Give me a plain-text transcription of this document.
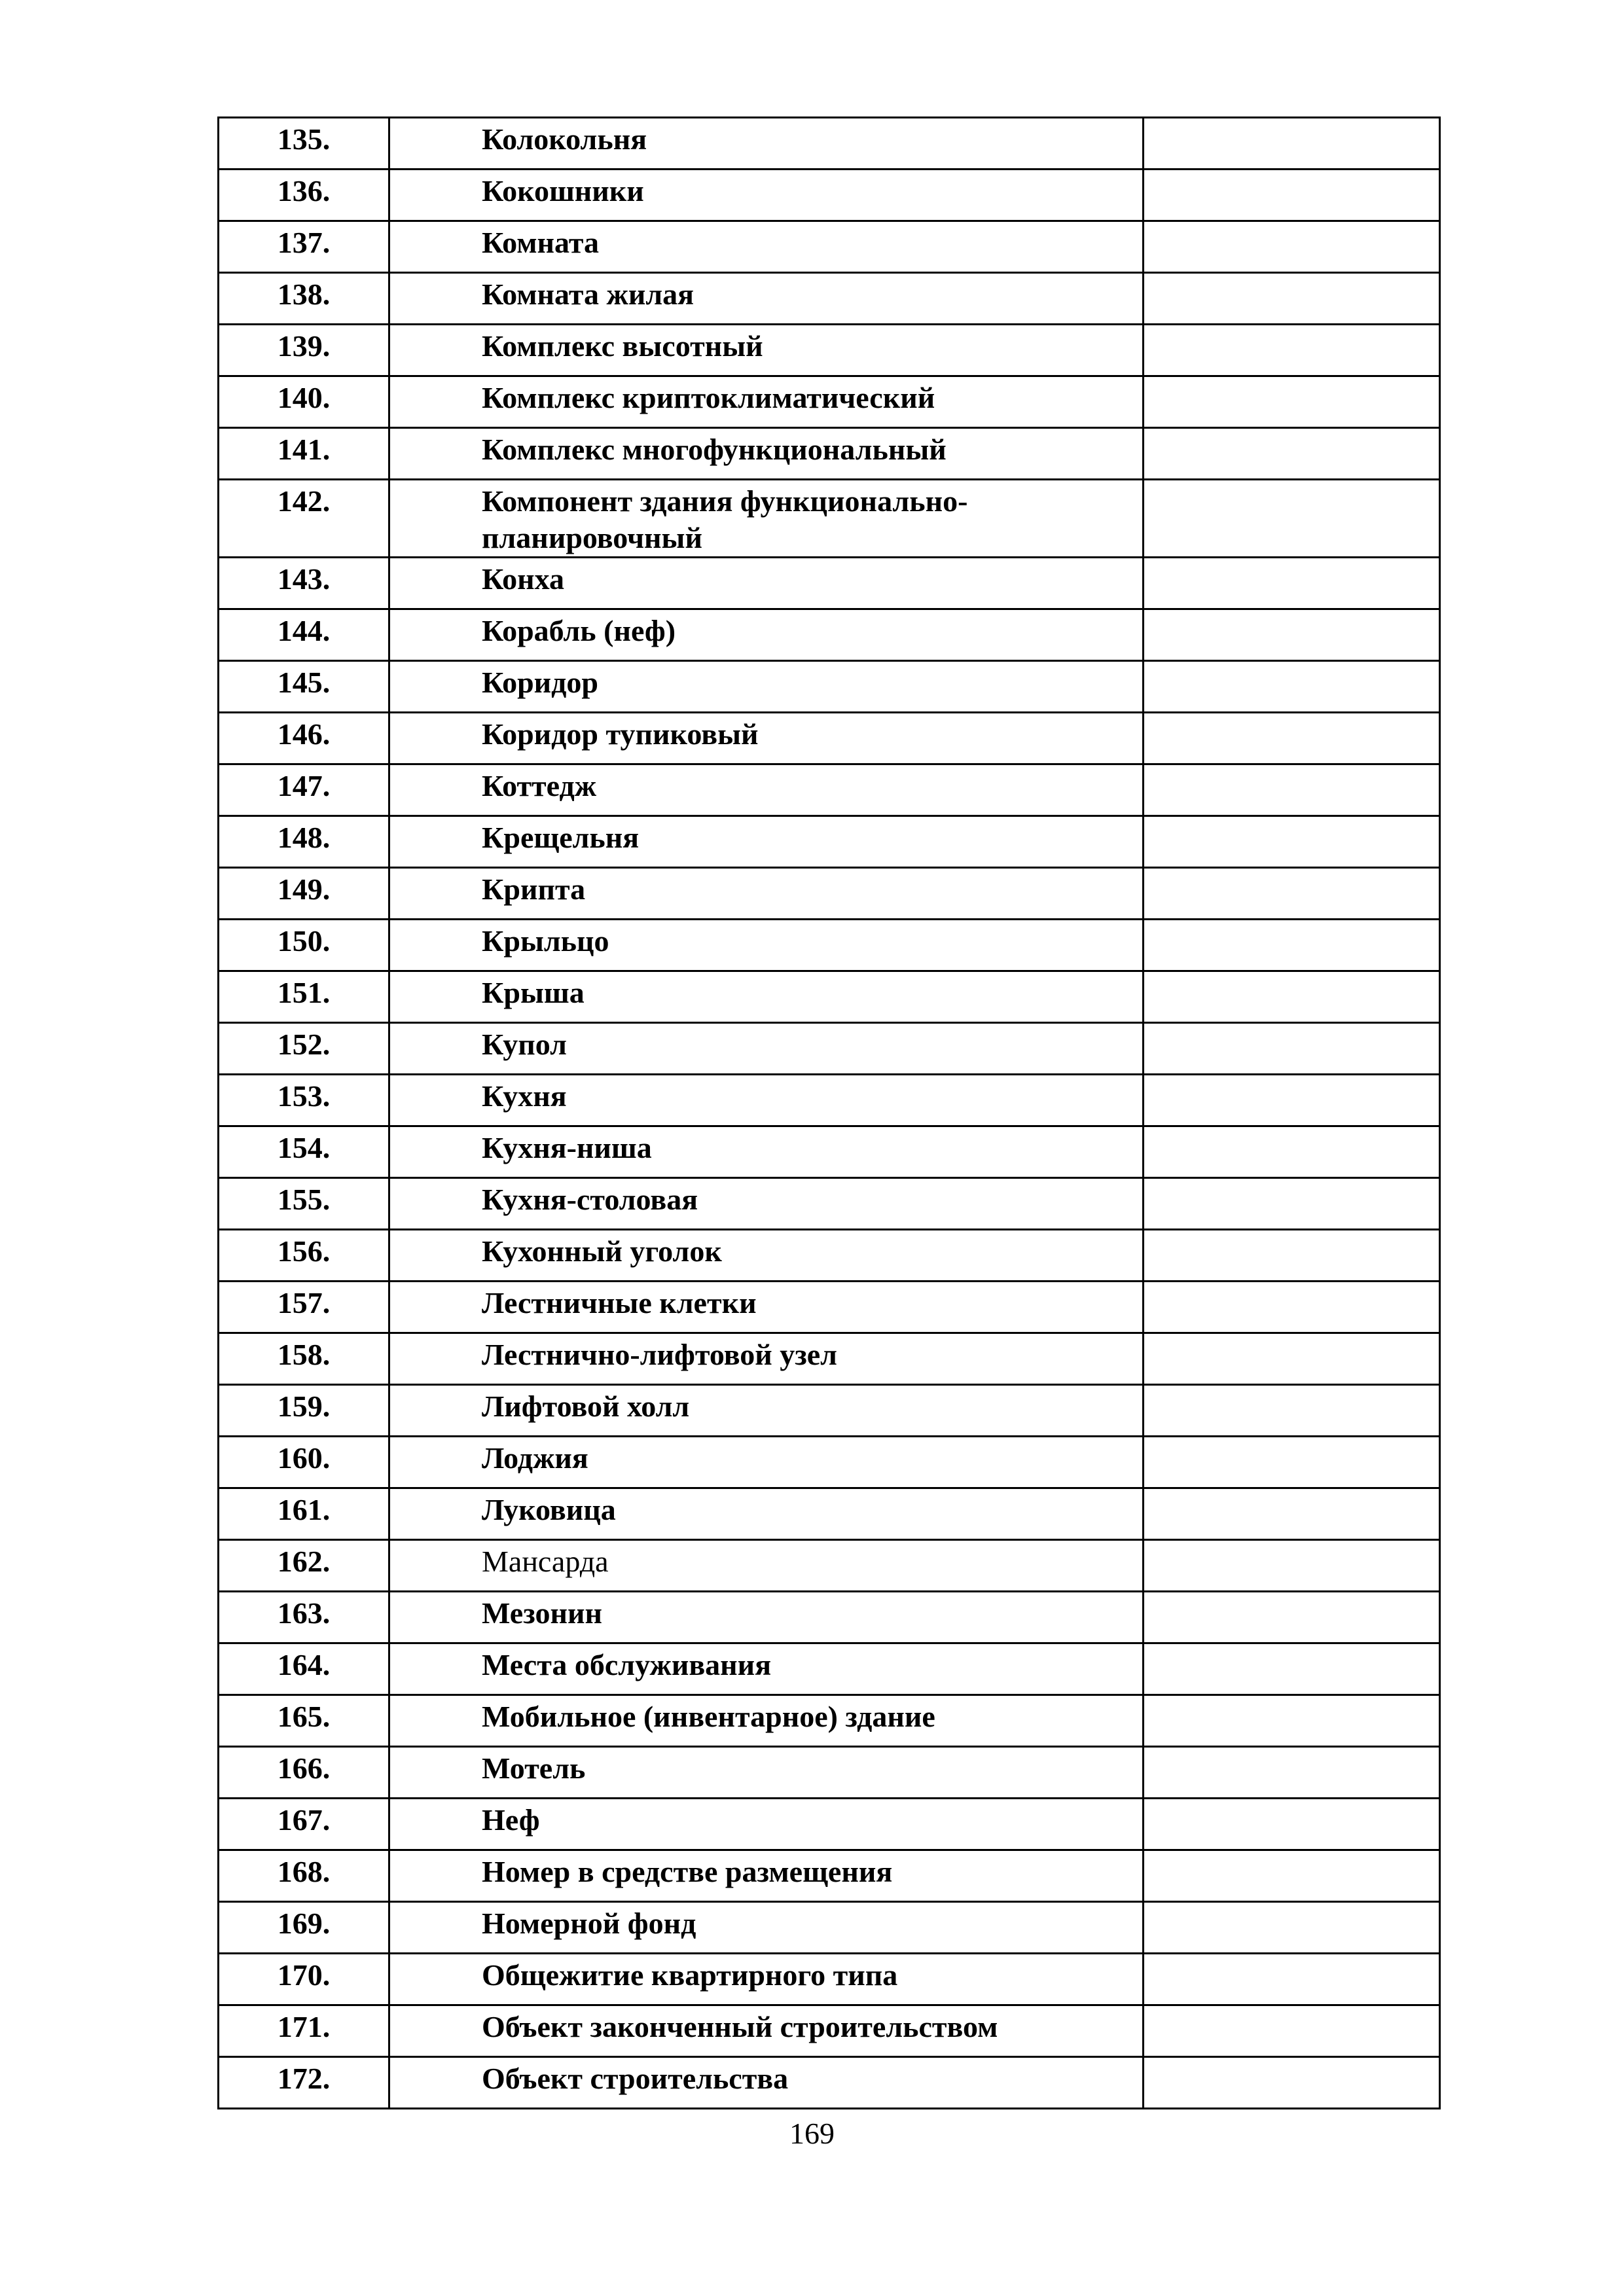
135.	Колокольня	
136.	Кокошники	
137.	Комната	
138.	Комната жилая	
139.	Комплекс высотный	
140.	Комплекс криптоклиматический	
141.	Комплекс многофункциональный	
142.	Компонент здания функционально-планировочный	
143.	Конха	
144.	Корабль (неф)	
145.	Коридор	
146.	Коридор тупиковый	
147.	Коттедж	
148.	Крещельня	
149.	Крипта	
150.	Крыльцо	
151.	Крыша	
152.	Купол	
153.	Кухня	
154.	Кухня-ниша	
155.	Кухня-столовая	
156.	Кухонный уголок	
157.	Лестничные клетки	
158.	Лестнично-лифтовой узел	
159.	Лифтовой холл	
160.	Лоджия	
161.	Луковица	
162.	Мансарда	
163.	Мезонин	
164.	Места обслуживания	
165.	Мобильное (инвентарное) здание	
166.	Мотель	
167.	Неф	
168.	Номер в средстве размещения	
169.	Номерной фонд	
170.	Общежитие квартирного типа	
171.	Объект законченный строительством	
172.	Объект строительства	
169
